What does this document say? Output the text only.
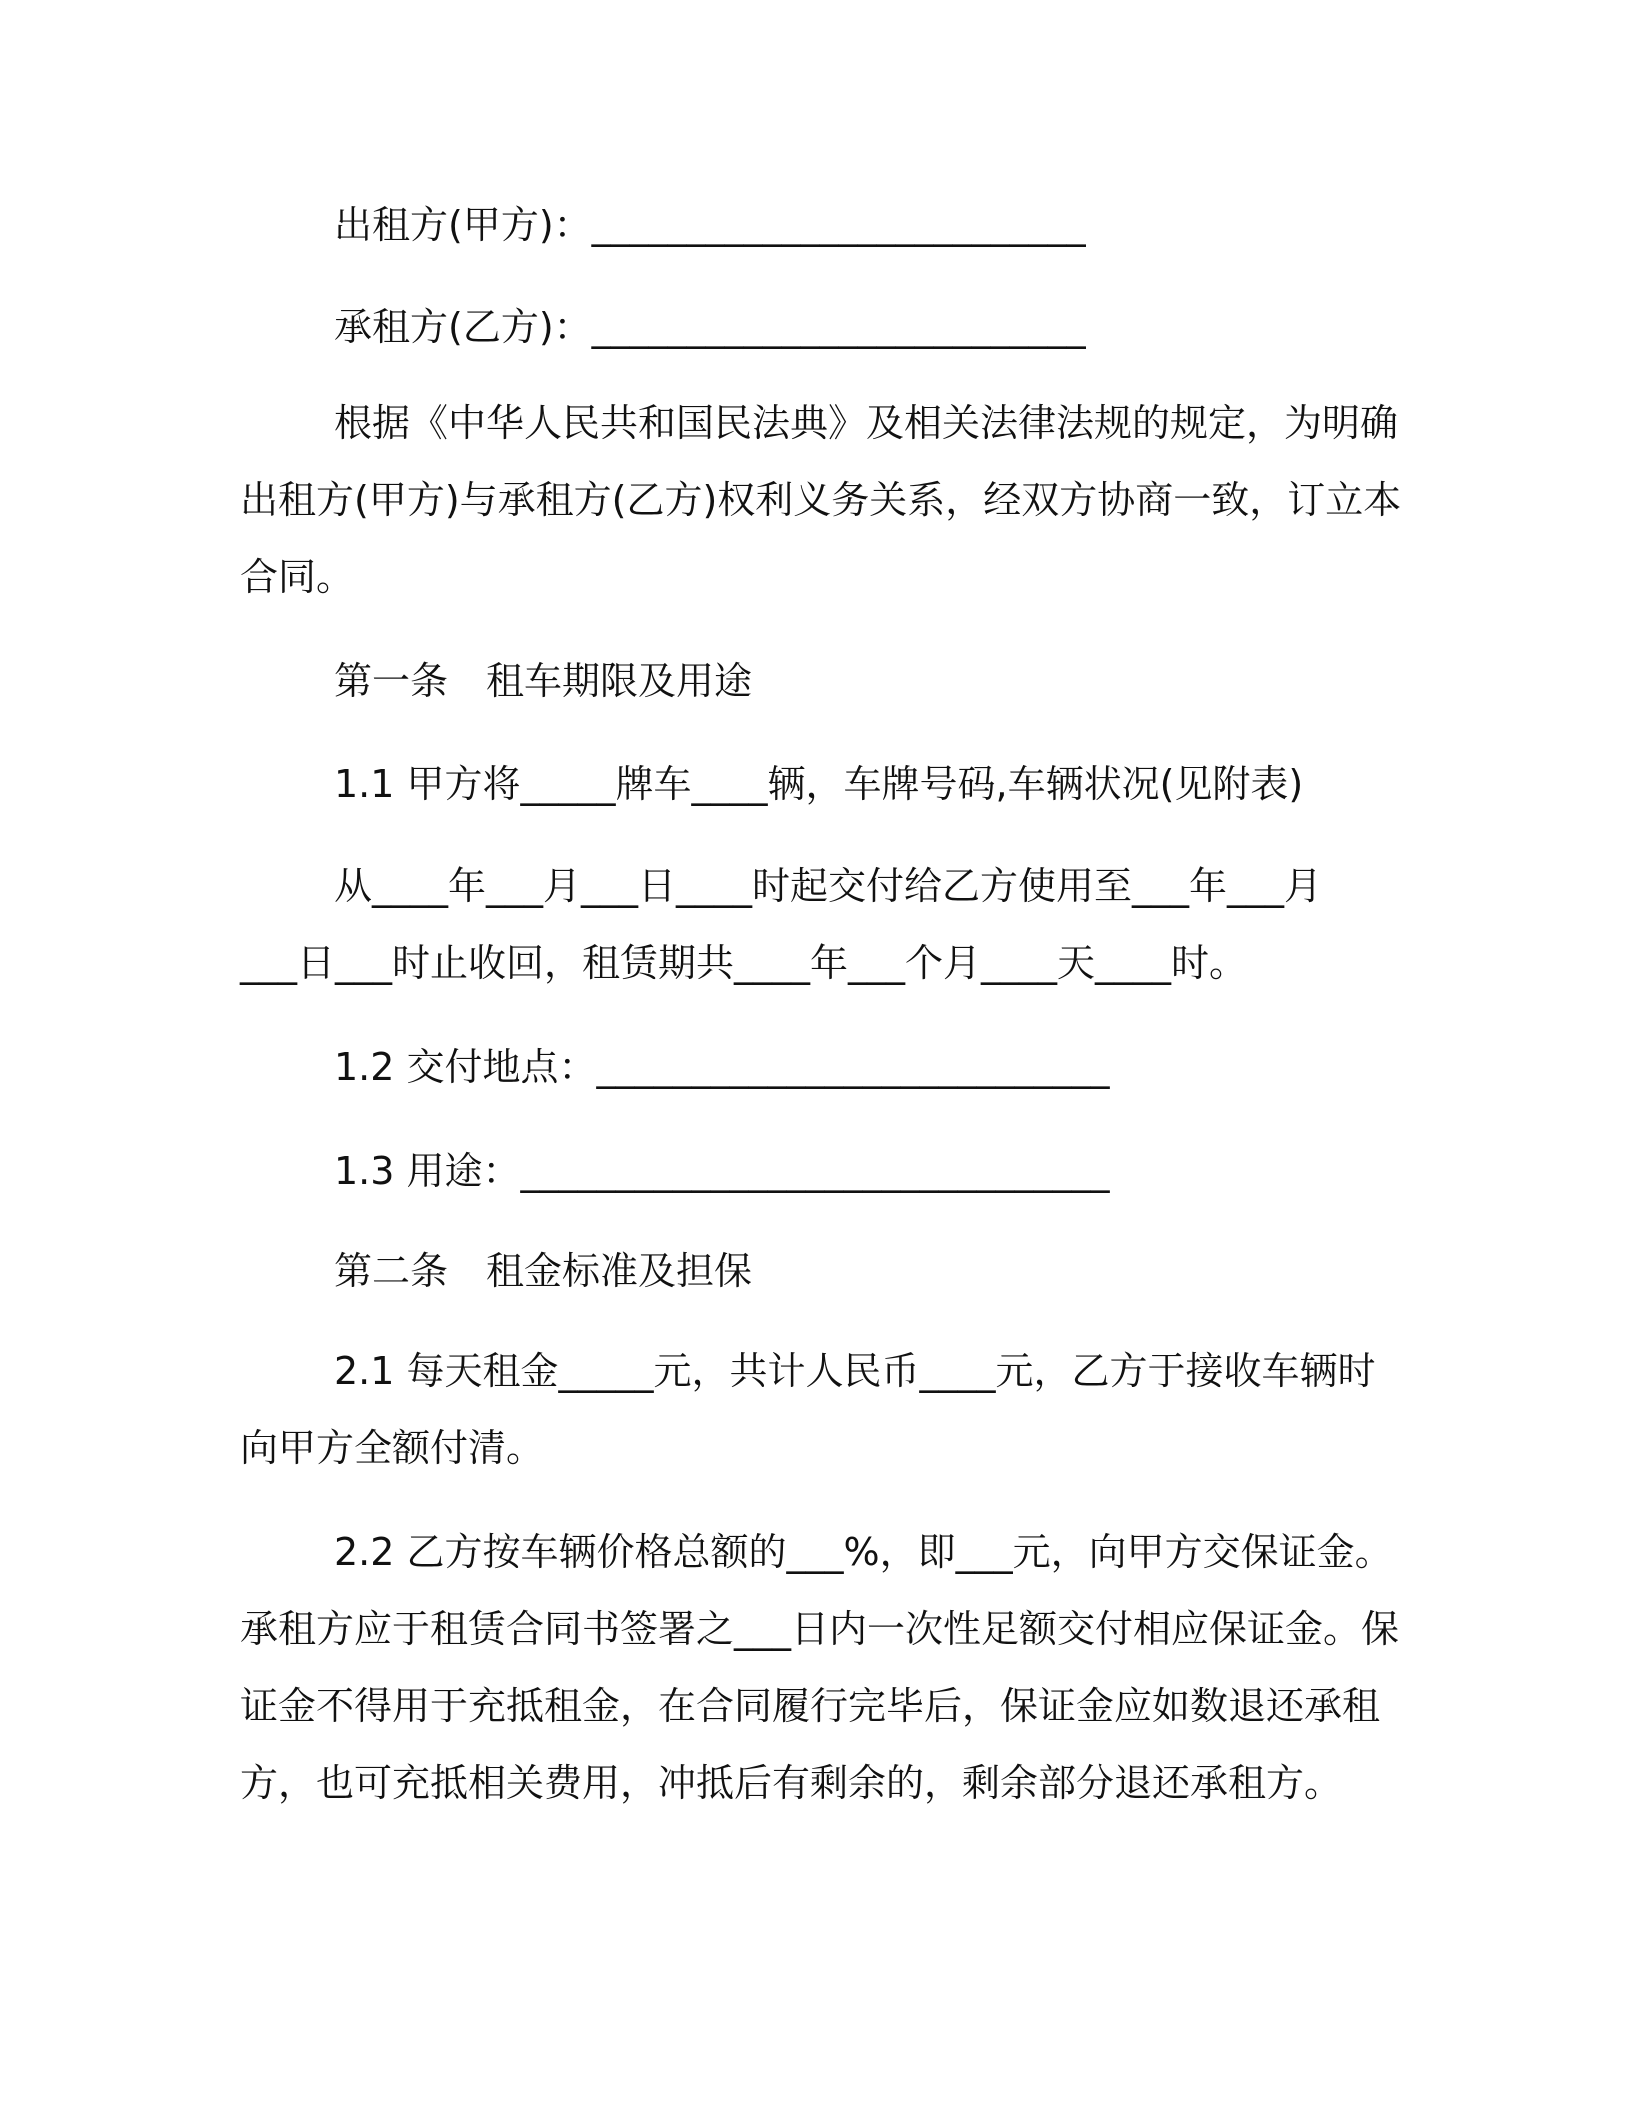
出租方(甲方)：__________________________
承租方(乙方)：__________________________
根据《中华人民共和国民法典》及相关法律法规的规定，为明确
出租方(甲方)与承租方(乙方)权利义务关系，经双方协商一致，订立本
合同。
第一条　租车期限及用途
1.1 甲方将_____牌车____辆，车牌号码,车辆状况(见附表)
从____年___月___日____时起交付给乙方使用至___年___月
___日___时止收回，租赁期共____年___个月____天____时。
1.2 交付地点：___________________________
1.3 用途：_______________________________
第二条　租金标准及担保
2.1 每天租金_____元，共计人民币____元，乙方于接收车辆时
向甲方全额付清。
2.2 乙方按车辆价格总额的___%，即___元，向甲方交保证金。
承租方应于租赁合同书签署之___日内一次性足额交付相应保证金。保
证金不得用于充抵租金，在合同履行完毕后，保证金应如数退还承租
方，也可充抵相关费用，冲抵后有剩余的，剩余部分退还承租方。
